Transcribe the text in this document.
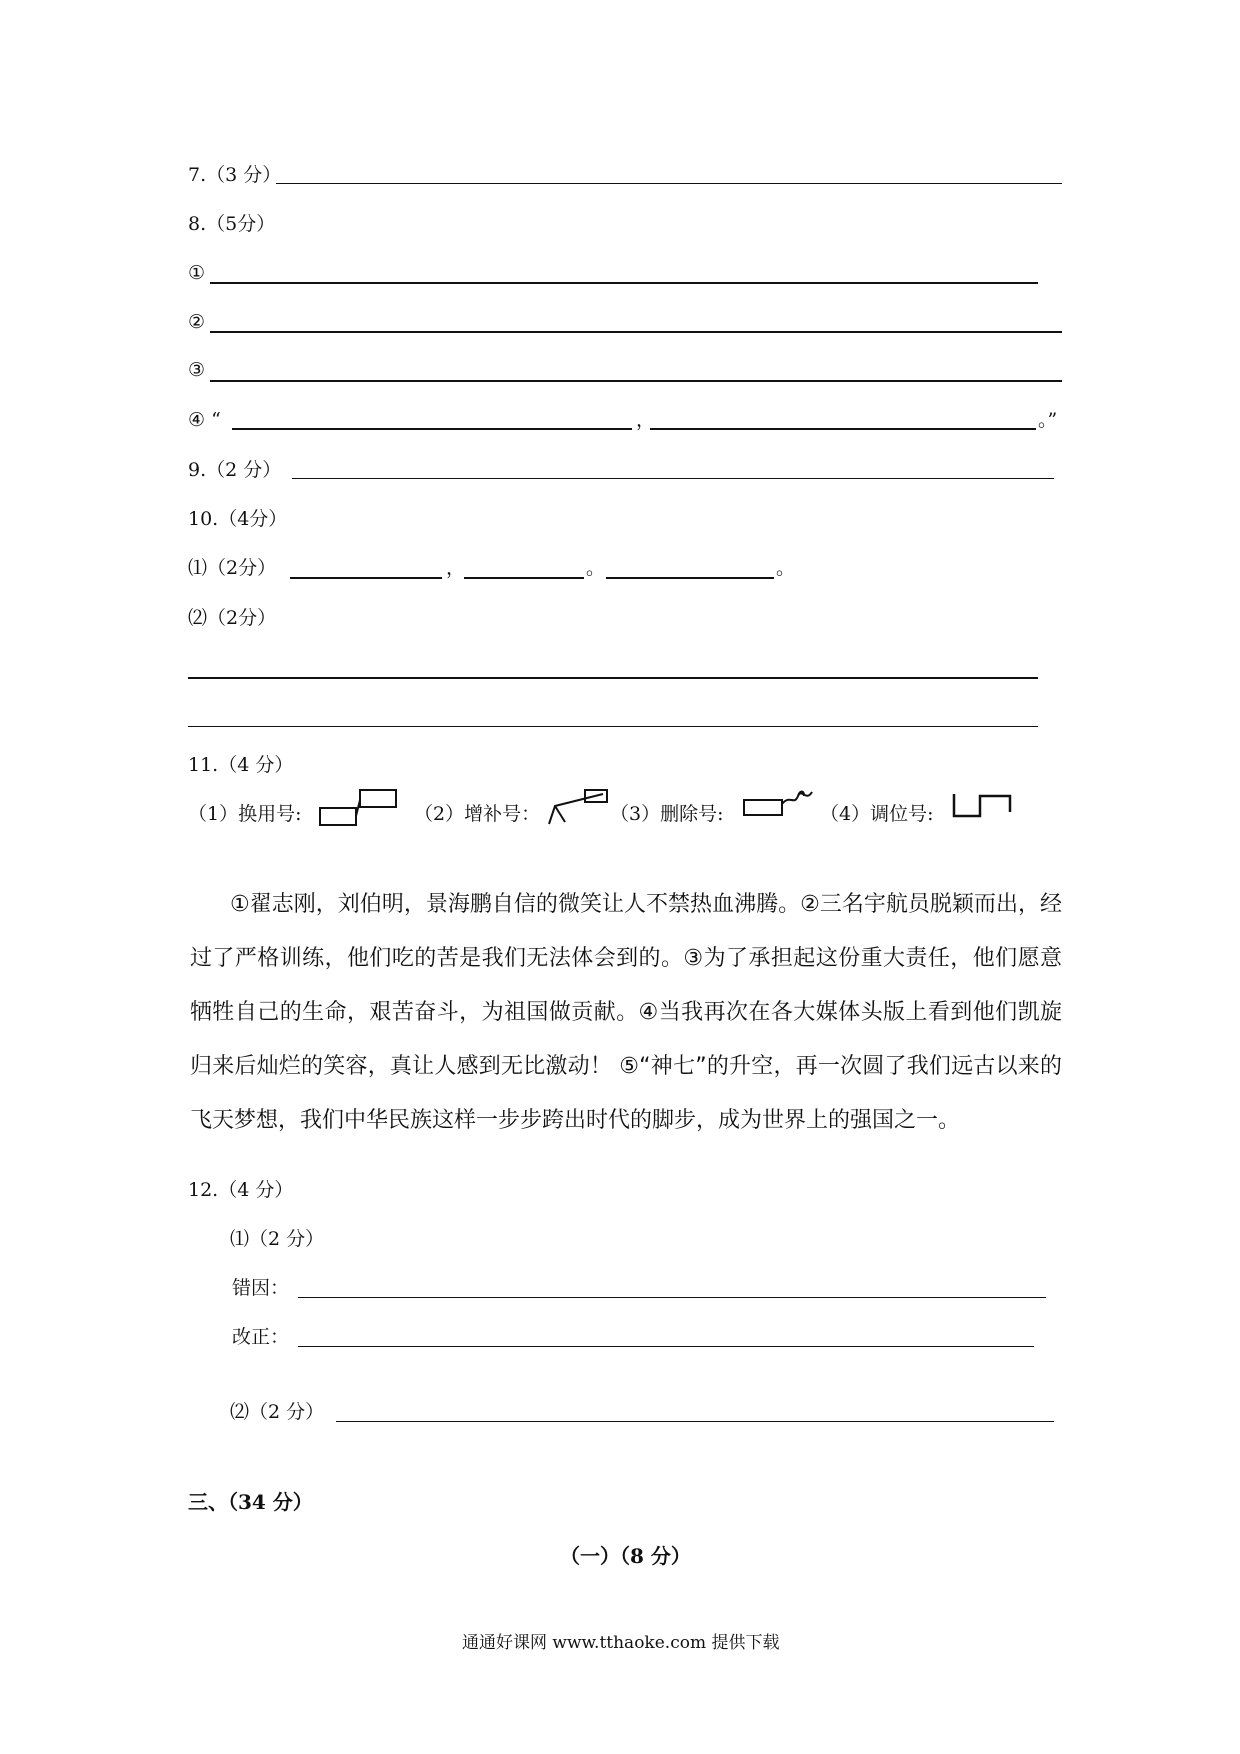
7.（3 分）
8.（5分）
①
②
③
④ “	，	。”
9.（2 分）
10.（4分）
⑴（2分）	，	。	。
⑵（2分）
11.（4 分）
（1）换用号:	（2）增补号：	（3）删除号:	（4）调位号:
①翟志刚，刘伯明，景海鹏自信的微笑让人不禁热血沸腾。②三名宇航员脱颖而出，经过了严格训练，他们吃的苦是我们无法体会到的。③为了承担起这份重大责任，他们愿意牺牲自己的生命，艰苦奋斗，为祖国做贡献。④当我再次在各大媒体头版上看到他们凯旋归来后灿烂的笑容，真让人感到无比激动！ ⑤“神七”的升空，再一次圆了我们远古以来的飞天梦想，我们中华民族这样一步步跨出时代的脚步，成为世界上的强国之一。
12.（4 分）
⑴（2 分）
错因：
改正：
⑵（2 分）
三、（34 分）
（一）（8 分）
通通好课网 www.tthaoke.com 提供下载
